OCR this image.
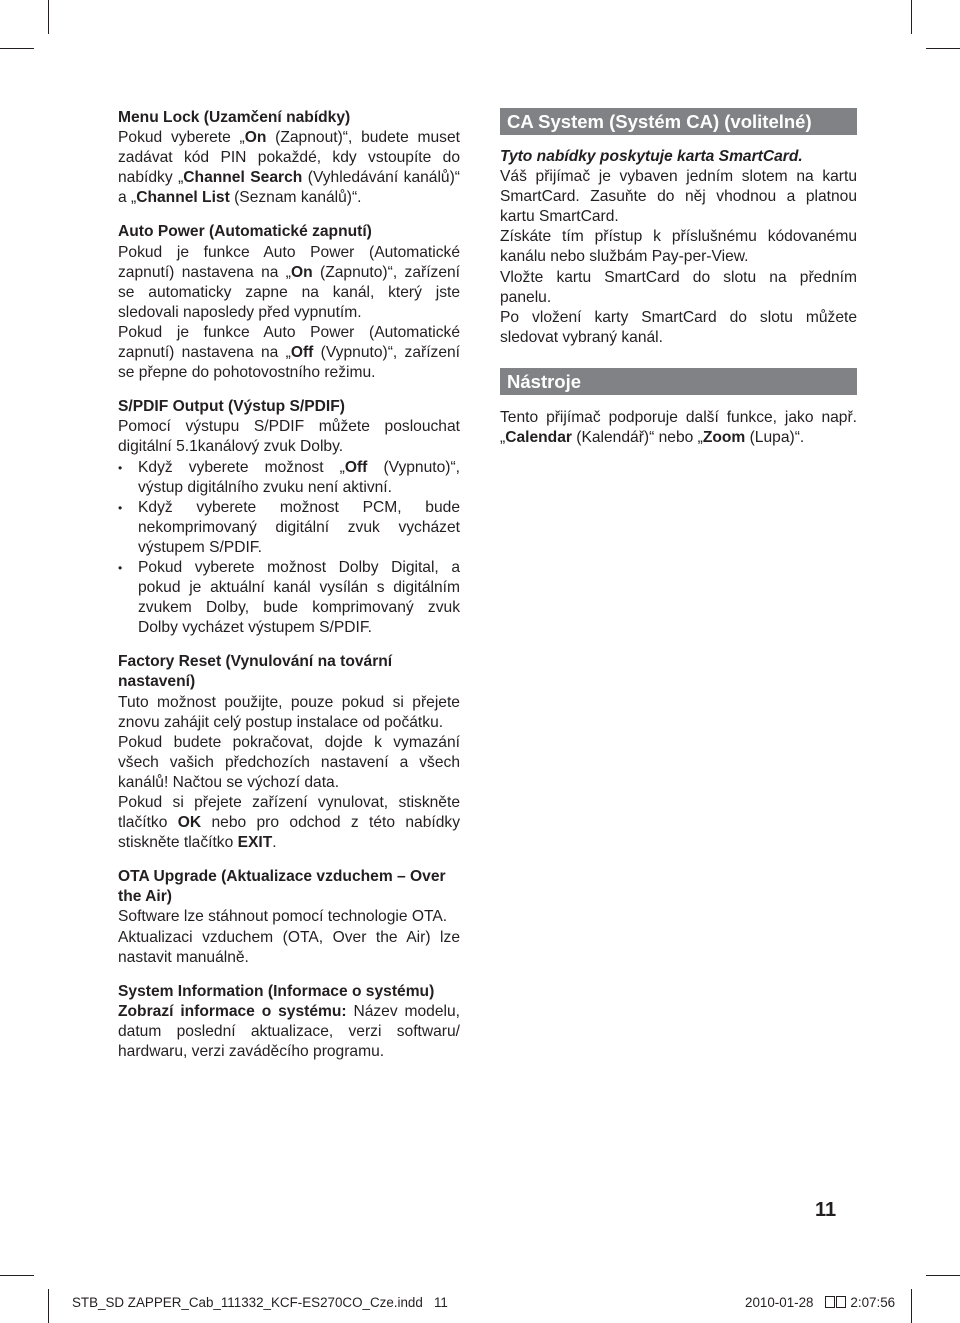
Menu Lock (Uzamčení nabídky)

Pokud vyberete „On (Zapnout)“, budete muset zadávat kód PIN pokaždé, kdy vstoupíte do nabídky „Channel Search (Vyhledávání kanálů)“ a „Channel List (Seznam kanálů)“.

Auto Power (Automatické zapnutí)

Pokud je funkce Auto Power (Automatické zapnutí) nastavena na „On (Zapnuto)“, zařízení se automaticky zapne na kanál, který jste sledovali naposledy před vypnutím.

Pokud je funkce Auto Power (Automatické zapnutí) nastavena na „Off (Vypnuto)“, zařízení se přepne do pohotovostního režimu.

S/PDIF Output (Výstup S/PDIF)

Pomocí výstupu S/PDIF můžete poslouchat digitální 5.1kanálový zvuk Dolby.

• Když vyberete možnost „Off (Vypnuto)“, výstup digitálního zvuku není aktivní.
• Když vyberete možnost PCM, bude nekomprimovaný digitální zvuk vycházet výstupem S/PDIF.
• Pokud vyberete možnost Dolby Digital, a pokud je aktuální kanál vysílán s digitálním zvukem Dolby, bude komprimovaný zvuk Dolby vycházet výstupem S/PDIF.
Factory Reset (Vynulování na tovární nastavení)

Tuto možnost použijte, pouze pokud si přejete znovu zahájit celý postup instalace od počátku.

Pokud budete pokračovat, dojde k vymazání všech vašich předchozích nastavení a všech kanálů! Načtou se výchozí data.

Pokud si přejete zařízení vynulovat, stiskněte tlačítko OK nebo pro odchod z této nabídky stiskněte tlačítko EXIT.

OTA Upgrade (Aktualizace vzduchem – Over the Air)

Software lze stáhnout pomocí technologie OTA.

Aktualizaci vzduchem (OTA, Over the Air) lze nastavit manuálně.

System Information (Informace o systému)

Zobrazí informace o systému: Název modelu, datum poslední aktualizace, verzi softwaru/ hardwaru, verzi zaváděcího programu.

CA System (Systém CA) (volitelné)

Tyto nabídky poskytuje karta SmartCard.

Váš přijímač je vybaven jedním slotem na kartu SmartCard. Zasuňte do něj vhodnou a platnou kartu SmartCard.

Získáte tím přístup k příslušnému kódovanému kanálu nebo službám Pay-per-View.

Vložte kartu SmartCard do slotu na předním panelu.

Po vložení karty SmartCard do slotu můžete sledovat vybraný kanál.

Nástroje

Tento přijímač podporuje další funkce, jako např. „Calendar (Kalendář)“ nebo „Zoom (Lupa)“.

11
STB_SD ZAPPER_Cab_111332_KCF-ES270CO_Cze.indd   11	2010-01-28	2:07:56
